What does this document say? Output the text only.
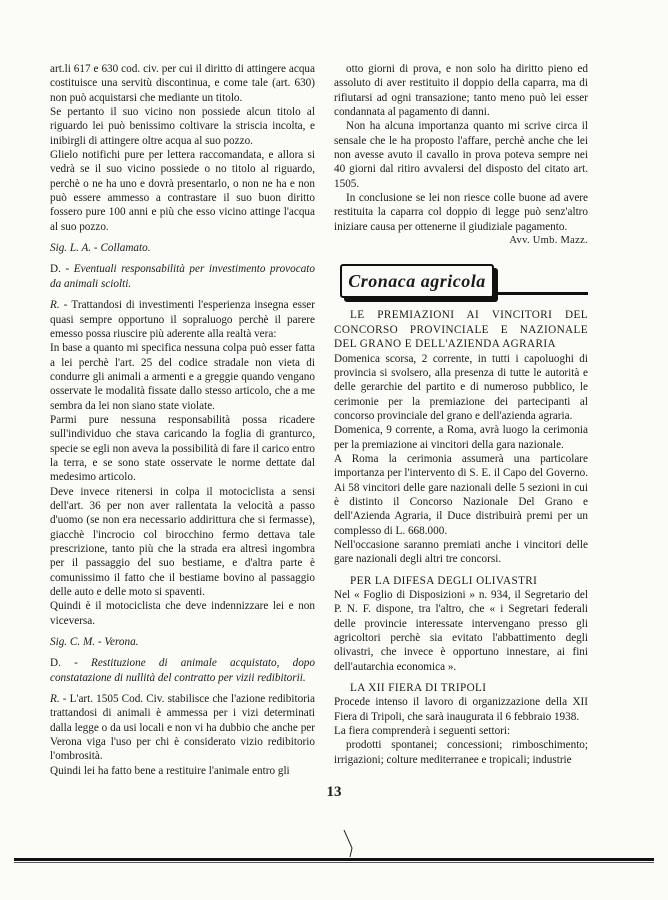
art.li 617 e 630 cod. civ. per cui il diritto di attingere acqua costituisce una servitù discontinua, e come tale (art. 630) non può acquistarsi che mediante un titolo.

Se pertanto il suo vicino non possiede alcun titolo al riguardo lei può benissimo coltivare la striscia incolta, e inibirgli di attingere oltre acqua al suo pozzo.

Glielo notifichi pure per lettera raccomandata, e allora si vedrà se il suo vicino possiede o no titolo al riguardo, perchè o ne ha uno e dovrà presentarlo, o non ne ha e non può essere ammesso a contrastare il suo buon diritto fossero pure 100 anni e più che esso vicino attinge l'acqua al suo pozzo.

Sig. L. A. - Collamato.

D. - Eventuali responsabilità per investimento provocato da animali sciolti.

R. - Trattandosi di investimenti l'esperienza insegna esser quasi sempre opportuno il sopraluogo perchè il parere emesso possa riuscire più aderente alla realtà vera:

In base a quanto mi specifica nessuna colpa può esser fatta a lei perchè l'art. 25 del codice stradale non vieta di condurre gli animali a armenti e a greggie quando vengano osservate le modalità fissate dallo stesso articolo, che a me sembra da lei non siano state violate.

Parmi pure nessuna responsabilità possa ricadere sull'individuo che stava caricando la foglia di granturco, specie se egli non aveva la possibilità di fare il carico entro la terra, e se sono state osservate le norme dettate dal medesimo articolo.

Deve invece ritenersi in colpa il motociclista a sensi dell'art. 36 per non aver rallentata la velocità a passo d'uomo (se non era necessario addirittura che si fermasse), giacchè l'incrocio col birocchino fermo dettava tale prescrizione, tanto più che la strada era altresì ingombra per il passaggio del suo bestiame, e d'altra parte è comunissimo il fatto che il bestiame bovino al passaggio delle auto e delle moto si spaventi.

Quindi è il motociclista che deve indennizzare lei e non viceversa.

Sig. C. M. - Verona.

D. - Restituzione di animale acquistato, dopo constatazione di nullità del contratto per vizii redibitorii.

R. - L'art. 1505 Cod. Civ. stabilisce che l'azione redibitoria trattandosi di animali è ammessa per i vizi determinati dalla legge o da usi locali e non vi ha dubbio che anche per Verona viga l'uso per chi è considerato vizio redibitorio l'ombrosità.

Quindi lei ha fatto bene a restituire l'animale entro gli

otto giorni di prova, e non solo ha diritto pieno ed assoluto di aver restituito il doppio della caparra, ma di rifiutarsi ad ogni transazione; tanto meno può lei esser condannata al pagamento di danni.

Non ha alcuna importanza quanto mi scrive circa il sensale che le ha proposto l'affare, perchè anche che lei non avesse avuto il cavallo in prova poteva sempre nei 40 giorni dal ritiro avvalersi del disposto del citato art. 1505.

In conclusione se lei non riesce colle buone ad avere restituita la caparra col doppio di legge può senz'altro iniziare causa per ottenerne il giudiziale pagamento.

Avv. Umb. Mazz.

Cronaca agricola

LE PREMIAZIONI AI VINCITORI DEL CONCORSO PROVINCIALE E NAZIONALE DEL GRANO E DELL'AZIENDA AGRARIA

Domenica scorsa, 2 corrente, in tutti i capoluoghi di provincia si svolsero, alla presenza di tutte le autorità e delle gerarchie del partito e di numeroso pubblico, le cerimonie per la premiazione dei partecipanti al concorso provinciale del grano e dell'azienda agraria.

Domenica, 9 corrente, a Roma, avrà luogo la cerimonia per la premiazione ai vincitori della gara nazionale.

A Roma la cerimonia assumerà una particolare importanza per l'intervento di S. E. il Capo del Governo. Ai 58 vincitori delle gare nazionali delle 5 sezioni in cui è distinto il Concorso Nazionale Del Grano e dell'Azienda Agraria, il Duce distribuirà premi per un complesso di L. 668.000.

Nell'occasione saranno premiati anche i vincitori delle gare nazionali degli altri tre concorsi.

PER LA DIFESA DEGLI OLIVASTRI

Nel « Foglio di Disposizioni » n. 934, il Segretario del P. N. F. dispone, tra l'altro, che « i Segretari federali delle provincie interessate intervengano presso gli agricoltori perchè sia evitato l'abbattimento degli olivastri, che invece è opportuno innestare, ai fini dell'autarchia economica ».

LA XII FIERA DI TRIPOLI

Procede intenso il lavoro di organizzazione della XII Fiera di Tripoli, che sarà inaugurata il 6 febbraio 1938.

La fiera comprenderà i seguenti settori:

prodotti spontanei; concessioni; rimboschimento; irrigazioni; colture mediterranee e tropicali; industrie

13
